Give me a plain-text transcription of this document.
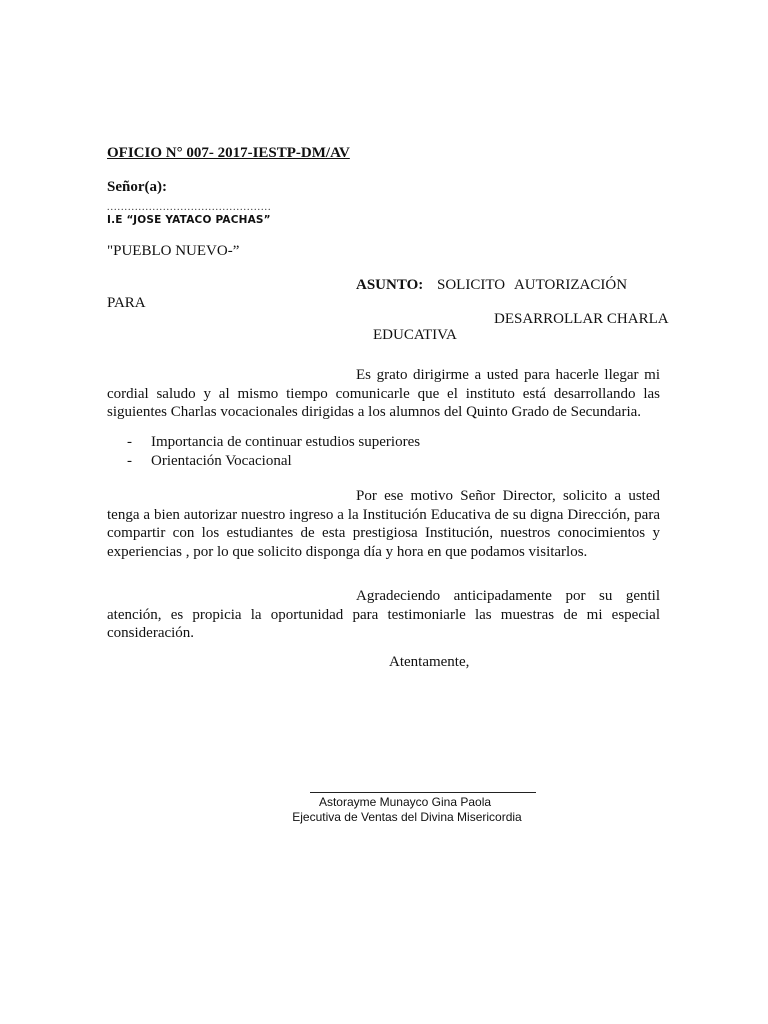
OFICIO N° 007- 2017-IESTP-DM/AV
Señor(a):
...............................................
I.E “JOSE YATACO PACHAS”
"PUEBLO NUEVO-”
ASUNTO: SOLICITO AUTORIZACIÓN
PARA
DESARROLLAR CHARLA
EDUCATIVA
Es grato dirigirme a usted para hacerle llegar mi cordial saludo y al mismo tiempo comunicarle que el instituto está desarrollando las siguientes Charlas vocacionales dirigidas a los alumnos del Quinto Grado de Secundaria.
- Importancia de continuar estudios superiores
- Orientación Vocacional
Por ese motivo Señor Director, solicito a usted tenga a bien autorizar nuestro ingreso a la Institución Educativa de su digna Dirección, para compartir con los estudiantes de esta prestigiosa Institución, nuestros conocimientos y experiencias , por lo que solicito disponga día y hora en que podamos visitarlos.
Agradeciendo anticipadamente por su gentil atención, es propicia la oportunidad para testimoniarle las muestras de mi especial consideración.
Atentamente,
Astorayme Munayco Gina Paola
Ejecutiva de Ventas del Divina Misericordia
